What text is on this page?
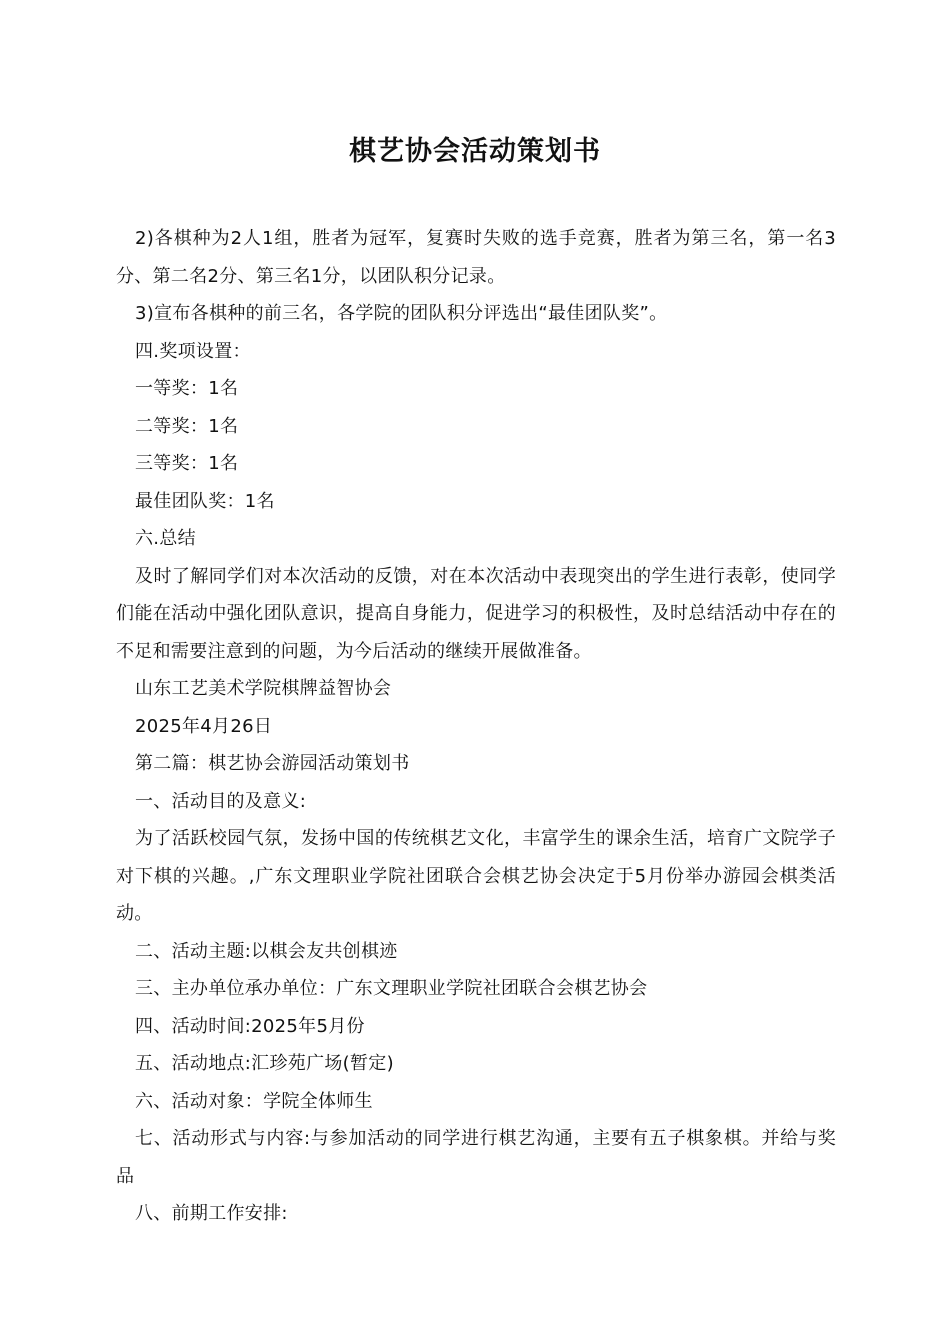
棋艺协会活动策划书

2)各棋种为2人1组，胜者为冠军，复赛时失败的选手竞赛，胜者为第三名，第一名3分、第二名2分、第三名1分，以团队积分记录。

3)宣布各棋种的前三名，各学院的团队积分评选出“最佳团队奖”。

四.奖项设置：

一等奖：1名

二等奖：1名

三等奖：1名

最佳团队奖：1名

六.总结

及时了解同学们对本次活动的反馈，对在本次活动中表现突出的学生进行表彰，使同学们能在活动中强化团队意识，提高自身能力，促进学习的积极性，及时总结活动中存在的不足和需要注意到的问题，为今后活动的继续开展做准备。

山东工艺美术学院棋牌益智协会

2025年4月26日

第二篇：棋艺协会游园活动策划书

一、活动目的及意义:

为了活跃校园气氛，发扬中国的传统棋艺文化，丰富学生的课余生活，培育广文院学子对下棋的兴趣。,广东文理职业学院社团联合会棋艺协会决定于5月份举办游园会棋类活动。

二、活动主题:以棋会友共创棋迹

三、主办单位承办单位：广东文理职业学院社团联合会棋艺协会

四、活动时间:2025年5月份

五、活动地点:汇珍苑广场(暂定)

六、活动对象：学院全体师生

七、活动形式与内容:与参加活动的同学进行棋艺沟通，主要有五子棋象棋。并给与奖品

八、前期工作安排:
